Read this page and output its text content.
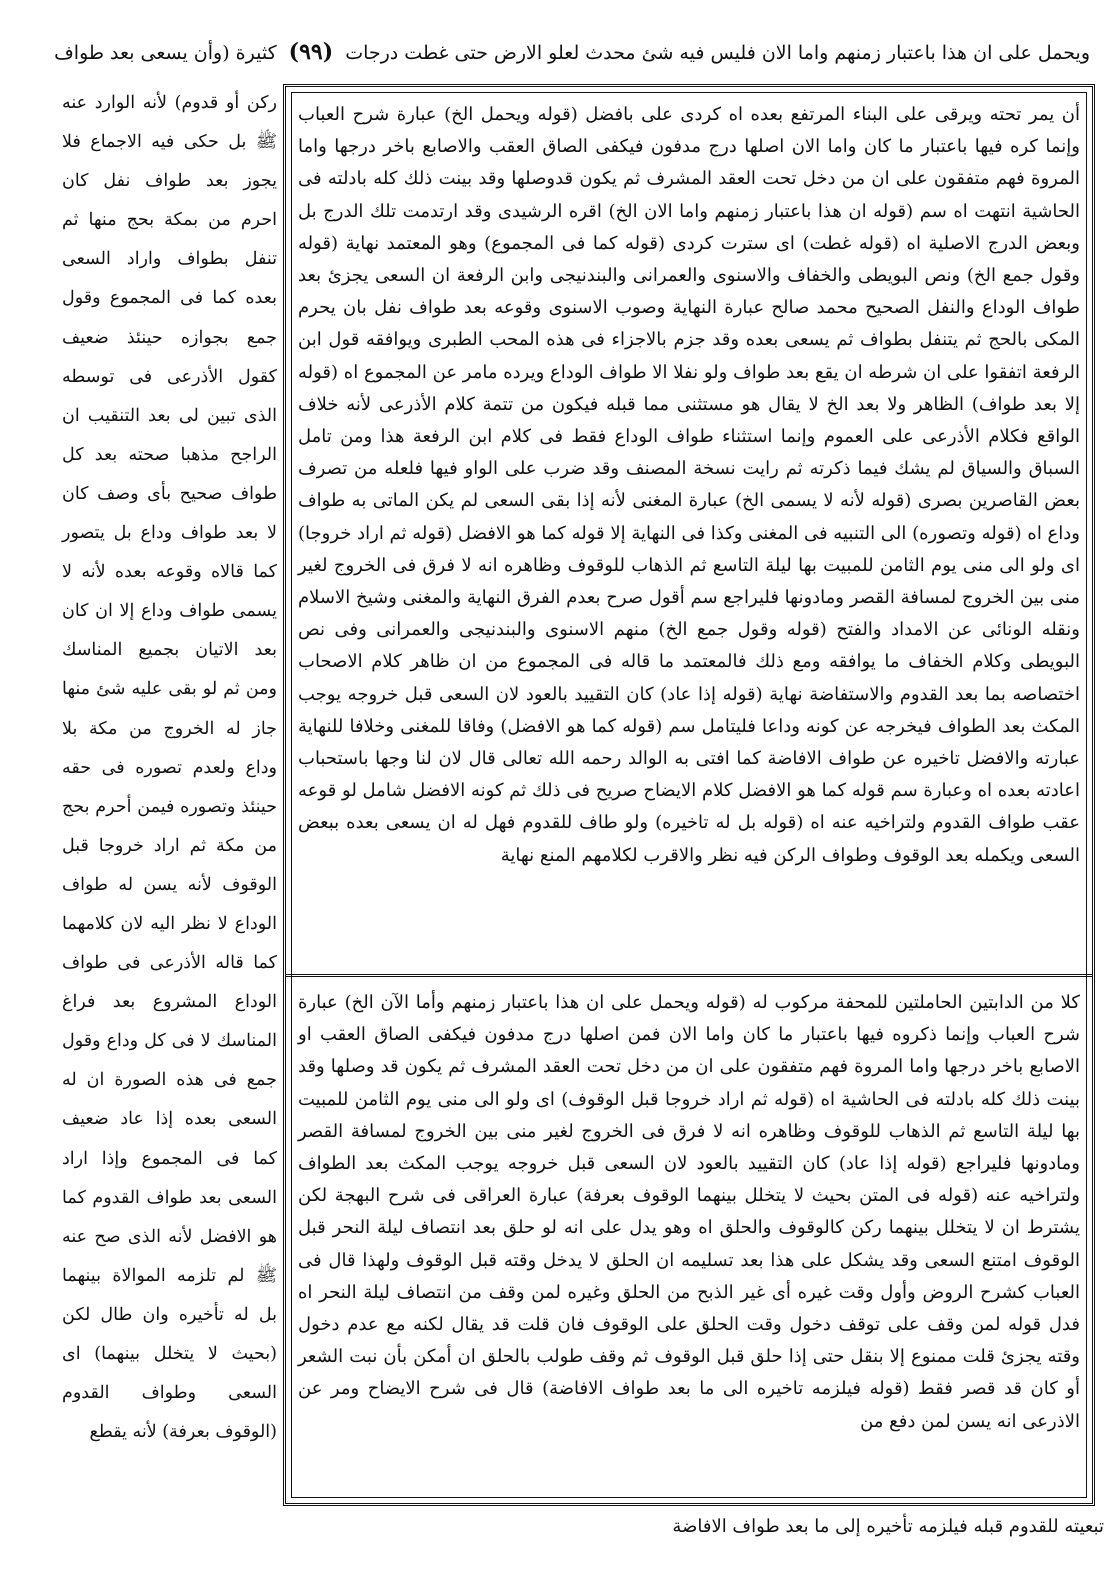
ويحمل على ان هذا باعتبار زمنهم واما الان فليس فيه شئ محدث لعلو الارض حتى غطت درجات (٩٩) كثيرة (وأن يسعى بعد طواف

ركن أو قدوم) لأنه الوارد عنه ﷺ بل حكى فيه الاجماع فلا يجوز بعد طواف نفل كان احرم من بمكة بحج منها ثم تنفل بطواف واراد السعى بعده كما فى المجموع وقول جمع بجوازه حينئذ ضعيف كقول الأذرعى فى توسطه الذى تبين لى بعد التنقيب ان الراجح مذهبا صحته بعد كل طواف صحيح بأى وصف كان لا بعد طواف وداع بل يتصور كما قالاه وقوعه بعده لأنه لا يسمى طواف وداع إلا ان كان بعد الاتيان بجميع المناسك ومن ثم لو بقى عليه شئ منها جاز له الخروج من مكة بلا وداع ولعدم تصوره فى حقه حينئذ وتصوره فيمن أحرم بحج من مكة ثم اراد خروجا قبل الوقوف لأنه يسن له طواف الوداع لا نظر اليه لان كلامهما كما قاله الأذرعى فى طواف الوداع المشروع بعد فراغ المناسك لا فى كل وداع وقول جمع فى هذه الصورة ان له السعى بعده إذا عاد ضعيف كما فى المجموع وإذا اراد السعى بعد طواف القدوم كما هو الافضل لأنه الذى صح عنه ﷺ لم تلزمه الموالاة بينهما بل له تأخيره وان طال لكن (بحيث لا يتخلل بينهما) اى السعى وطواف القدوم (الوقوف بعرفة) لأنه يقطع

أن يمر تحته ويرقى على البناء المرتفع بعده اه كردى على بافضل (قوله ويحمل الخ) عبارة شرح العباب وإنما كره فيها باعتبار ما كان واما الان اصلها درج مدفون فيكفى الصاق العقب والاصابع باخر درجها واما المروة فهم متفقون على ان من دخل تحت العقد المشرف ثم يكون قدوصلها وقد بينت ذلك كله بادلته فى الحاشية انتهت اه سم (قوله ان هذا باعتبار زمنهم واما الان الخ) اقره الرشيدى وقد ارتدمت تلك الدرج بل وبعض الدرج الاصلية اه (قوله غطت) اى سترت كردى (قوله كما فى المجموع) وهو المعتمد نهاية (قوله وقول جمع الخ) ونص البويطى والخفاف والاسنوى والعمرانى والبندنيجى وابن الرفعة ان السعى يجزئ بعد طواف الوداع والنفل الصحيح محمد صالح عبارة النهاية وصوب الاسنوى وقوعه بعد طواف نفل بان يحرم المكى بالحج ثم يتنفل بطواف ثم يسعى بعده وقد جزم بالاجزاء فى هذه المحب الطبرى ويوافقه قول ابن الرفعة اتفقوا على ان شرطه ان يقع بعد طواف ولو نفلا الا طواف الوداع ويرده مامر عن المجموع اه (قوله إلا بعد طواف) الظاهر ولا بعد الخ لا يقال هو مستثنى مما قبله فيكون من تتمة كلام الأذرعى لأنه خلاف الواقع فكلام الأذرعى على العموم وإنما استثناء طواف الوداع فقط فى كلام ابن الرفعة هذا ومن تامل السباق والسياق لم يشك فيما ذكرته ثم رايت نسخة المصنف وقد ضرب على الواو فيها فلعله من تصرف بعض القاصرين بصرى (قوله لأنه لا يسمى الخ) عبارة المغنى لأنه إذا بقى السعى لم يكن الماتى به طواف وداع اه (قوله وتصوره) الى التنبيه فى المغنى وكذا فى النهاية إلا قوله كما هو الافضل (قوله ثم اراد خروجا) اى ولو الى منى يوم الثامن للمبيت بها ليلة التاسع ثم الذهاب للوقوف وظاهره انه لا فرق فى الخروج لغير منى بين الخروج لمسافة القصر ومادونها فليراجع سم أقول صرح بعدم الفرق النهاية والمغنى وشيخ الاسلام ونقله الونائى عن الامداد والفتح (قوله وقول جمع الخ) منهم الاسنوى والبندنيجى والعمرانى وفى نص البويطى وكلام الخفاف ما يوافقه ومع ذلك فالمعتمد ما قاله فى المجموع من ان ظاهر كلام الاصحاب اختصاصه بما بعد القدوم والاستفاضة نهاية (قوله إذا عاد) كان التقييد بالعود لان السعى قبل خروجه يوجب المكث بعد الطواف فيخرجه عن كونه وداعا فليتامل سم (قوله كما هو الافضل) وفاقا للمغنى وخلافا للنهاية عبارته والافضل تاخيره عن طواف الافاضة كما افتى به الوالد رحمه الله تعالى قال لان لنا وجها باستحباب اعادته بعده اه وعبارة سم قوله كما هو الافضل كلام الايضاح صريح فى ذلك ثم كونه الافضل شامل لو قوعه عقب طواف القدوم ولتراخيه عنه اه (قوله بل له تاخيره) ولو طاف للقدوم فهل له ان يسعى بعده ببعض السعى ويكمله بعد الوقوف وطواف الركن فيه نظر والاقرب لكلامهم المنع نهاية

كلا من الدابتين الحاملتين للمحفة مركوب له (قوله ويحمل على ان هذا باعتبار زمنهم وأما الآن الخ) عبارة شرح العباب وإنما ذكروه فيها باعتبار ما كان واما الان فمن اصلها درج مدفون فيكفى الصاق العقب او الاصابع باخر درجها واما المروة فهم متفقون على ان من دخل تحت العقد المشرف ثم يكون قد وصلها وقد بينت ذلك كله بادلته فى الحاشية اه (قوله ثم اراد خروجا قبل الوقوف) اى ولو الى منى يوم الثامن للمبيت بها ليلة التاسع ثم الذهاب للوقوف وظاهره انه لا فرق فى الخروج لغير منى بين الخروج لمسافة القصر ومادونها فليراجع (قوله إذا عاد) كان التقييد بالعود لان السعى قبل خروجه يوجب المكث بعد الطواف ولتراخيه عنه (قوله فى المتن بحيث لا يتخلل بينهما الوقوف بعرفة) عبارة العراقى فى شرح البهجة لكن يشترط ان لا يتخلل بينهما ركن كالوقوف والحلق اه وهو يدل على انه لو حلق بعد انتصاف ليلة النحر قبل الوقوف امتنع السعى وقد يشكل على هذا بعد تسليمه ان الحلق لا يدخل وقته قبل الوقوف ولهذا قال فى العباب كشرح الروض وأول وقت غيره أى غير الذبح من الحلق وغيره لمن وقف من انتصاف ليلة النحر اه فدل قوله لمن وقف على توقف دخول وقت الحلق على الوقوف فان قلت قد يقال لكنه مع عدم دخول وقته يجزئ قلت ممنوع إلا بنقل حتى إذا حلق قبل الوقوف ثم وقف طولب بالحلق ان أمكن بأن نبت الشعر أو كان قد قصر فقط (قوله فيلزمه تاخيره الى ما بعد طواف الافاضة) قال فى شرح الايضاح ومر عن الاذرعى انه يسن لمن دفع من

تبعيته للقدوم قبله فيلزمه تأخيره إلى ما بعد طواف الافاضة
